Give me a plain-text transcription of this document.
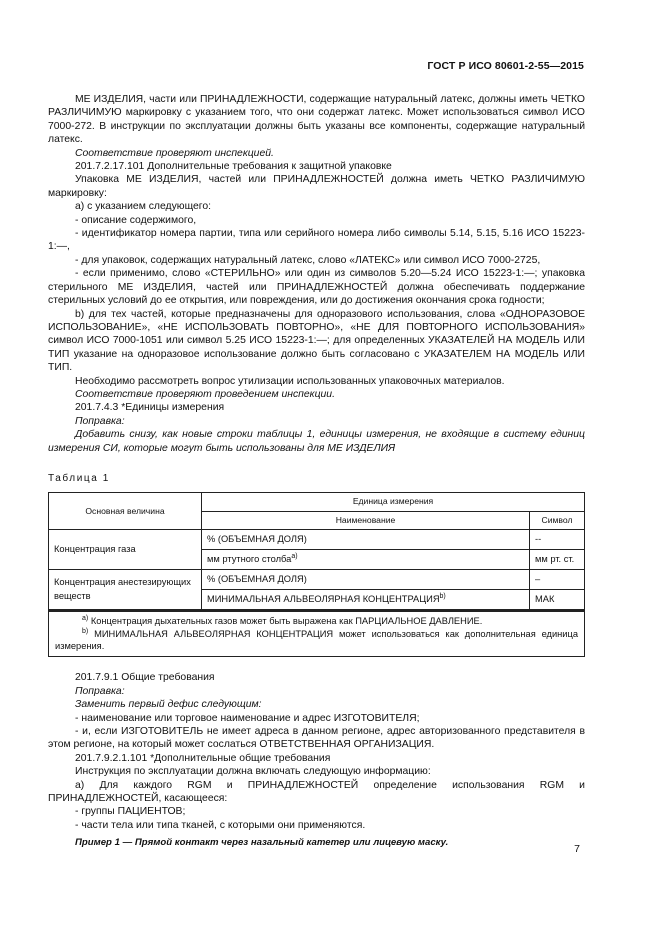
ГОСТ Р ИСО 80601-2-55—2015

МЕ ИЗДЕЛИЯ, части или ПРИНАДЛЕЖНОСТИ, содержащие натуральный латекс, должны иметь ЧЕТКО РАЗЛИЧИМУЮ маркировку с указанием того, что они содержат латекс. Может использоваться символ ИСО 7000-272. В инструкции по эксплуатации должны быть указаны все компоненты, содержащие натуральный латекс.

Соответствие проверяют инспекцией.

201.7.2.17.101 Дополнительные требования к защитной упаковке

Упаковка МЕ ИЗДЕЛИЯ, частей или ПРИНАДЛЕЖНОСТЕЙ должна иметь ЧЕТКО РАЗЛИЧИМУЮ маркировку:

a) с указанием следующего:

- описание содержимого,

- идентификатор номера партии, типа или серийного номера либо символы 5.14, 5.15, 5.16 ИСО 15223-1:—,

- для упаковок, содержащих натуральный латекс, слово «ЛАТЕКС» или символ ИСО 7000-2725,

- если применимо, слово «СТЕРИЛЬНО» или один из символов 5.20—5.24 ИСО 15223-1:—; упаковка стерильного МЕ ИЗДЕЛИЯ, частей или ПРИНАДЛЕЖНОСТЕЙ должна обеспечивать поддержание стерильных условий до ее открытия, или повреждения, или до достижения окончания срока годности;

b) для тех частей, которые предназначены для одноразового использования, слова «ОДНОРАЗОВОЕ ИСПОЛЬЗОВАНИЕ», «НЕ ИСПОЛЬЗОВАТЬ ПОВТОРНО», «НЕ ДЛЯ ПОВТОРНОГО ИСПОЛЬЗОВАНИЯ» символ ИСО 7000-1051 или символ 5.25 ИСО 15223-1:—; для определенных УКАЗАТЕЛЕЙ НА МОДЕЛЬ ИЛИ ТИП указание на одноразовое использование должно быть согласовано с УКАЗАТЕЛЕМ НА МОДЕЛЬ ИЛИ ТИП.

Необходимо рассмотреть вопрос утилизации использованных упаковочных материалов.

Соответствие проверяют проведением инспекции.

201.7.4.3 *Единицы измерения

Поправка:

Добавить снизу, как новые строки таблицы 1, единицы измерения, не входящие в систему единиц измерения СИ, которые могут быть использованы для МЕ ИЗДЕЛИЯ

Таблица 1

Основная величина	Единица измерения	
	Наименование	Символ
Концентрация газа	% (ОБЪЕМНАЯ ДОЛЯ)	--
	мм ртутного столба$^{a)}$	мм рт. ст.
Концентрация анестезирующих веществ	% (ОБЪЕМНАЯ ДОЛЯ)	–
	МИНИМАЛЬНАЯ АЛЬВЕОЛЯРНАЯ КОНЦЕНТРАЦИЯ$^{b)}$	МАК

$^{a)}$ Концентрация дыхательных газов может быть выражена как ПАРЦИАЛЬНОЕ ДАВЛЕНИЕ.

$^{b)}$ МИНИМАЛЬНАЯ АЛЬВЕОЛЯРНАЯ КОНЦЕНТРАЦИЯ может использоваться как дополнительная единица измерения.

201.7.9.1 Общие требования

Поправка:

Заменить первый дефис следующим:

- наименование или торговое наименование и адрес ИЗГОТОВИТЕЛЯ;

- и, если ИЗГОТОВИТЕЛЬ не имеет адреса в данном регионе, адрес авторизованного представителя в этом регионе, на который может сослаться ОТВЕТСТВЕННАЯ ОРГАНИЗАЦИЯ.

201.7.9.2.1.101 *Дополнительные общие требования

Инструкция по эксплуатации должна включать следующую информацию:

a) Для каждого RGM и ПРИНАДЛЕЖНОСТЕЙ определение использования RGM и ПРИНАДЛЕЖНОСТЕЙ, касающееся:

- группы ПАЦИЕНТОВ;

- части тела или типа тканей, с которыми они применяются.

Пример 1 — Прямой контакт через назальный катетер или лицевую маску.

7
